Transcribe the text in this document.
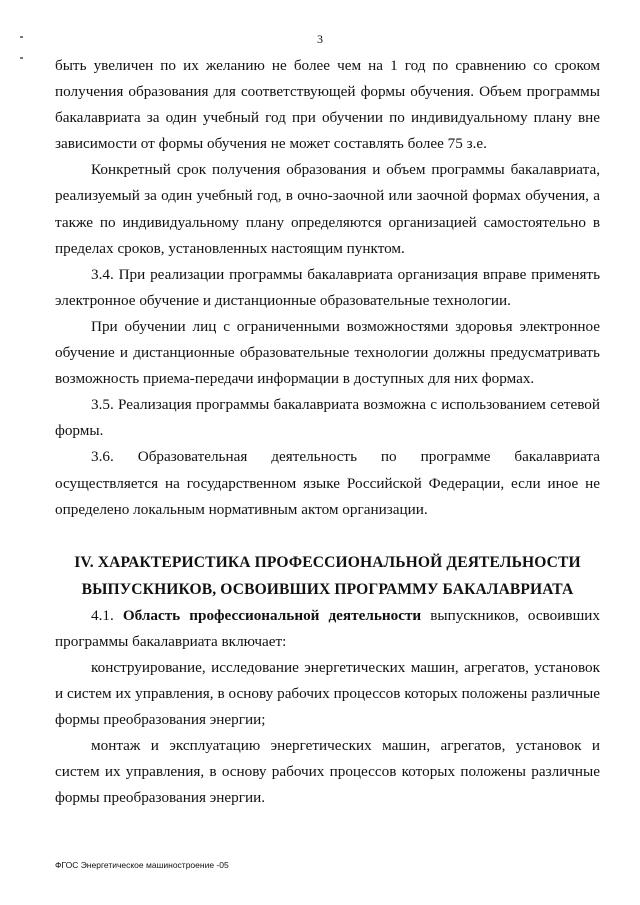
3

быть увеличен по их желанию не более чем на 1 год по сравнению со сроком получения образования для соответствующей формы обучения. Объем программы бакалавриата за один учебный год при обучении по индивидуальному плану вне зависимости от формы обучения не может составлять более 75 з.е.

Конкретный срок получения образования и объем программы бакалавриата, реализуемый за один учебный год, в очно-заочной или заочной формах обучения, а также по индивидуальному плану определяются организацией самостоятельно в пределах сроков, установленных настоящим пунктом.

3.4. При реализации программы бакалавриата организация вправе применять электронное обучение и дистанционные образовательные технологии.

При обучении лиц с ограниченными возможностями здоровья электронное обучение и дистанционные образовательные технологии должны предусматривать возможность приема-передачи информации в доступных для них формах.

3.5. Реализация программы бакалавриата возможна с использованием сетевой формы.

3.6. Образовательная деятельность по программе бакалавриата осуществляется на государственном языке Российской Федерации, если иное не определено локальным нормативным актом организации.

IV. ХАРАКТЕРИСТИКА ПРОФЕССИОНАЛЬНОЙ ДЕЯТЕЛЬНОСТИ
ВЫПУСКНИКОВ, ОСВОИВШИХ ПРОГРАММУ БАКАЛАВРИАТА

4.1. Область профессиональной деятельности выпускников, освоивших программы бакалавриата включает:

конструирование, исследование энергетических машин, агрегатов, установок и систем их управления, в основу рабочих процессов которых положены различные формы преобразования энергии;

монтаж и эксплуатацию энергетических машин, агрегатов, установок и систем их управления, в основу рабочих процессов которых положены различные формы преобразования энергии.

ФГОС Энергетическое машиностроение -05
